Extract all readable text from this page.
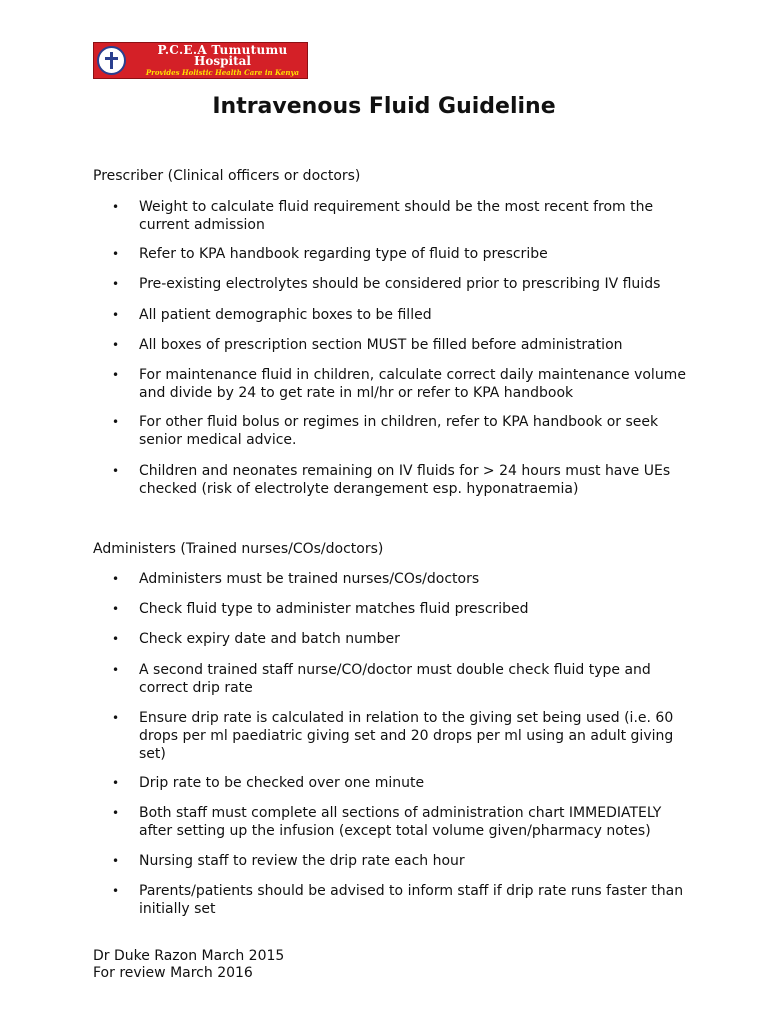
P.C.E.A Tumutumu
Hospital
Provides Holistic Health Care in Kenya
Intravenous Fluid Guideline
Prescriber (Clinical officers or doctors)
• Weight to calculate fluid requirement should be the most recent from the current admission
• Refer to KPA handbook regarding type of fluid to prescribe
• Pre-existing electrolytes should be considered prior to prescribing IV fluids
• All patient demographic boxes to be filled
• All boxes of prescription section MUST be filled before administration
• For maintenance fluid in children, calculate correct daily maintenance volume and divide by 24 to get rate in ml/hr or refer to KPA handbook
• For other fluid bolus or regimes in children, refer to KPA handbook or seek senior medical advice.
• Children and neonates remaining on IV fluids for > 24 hours must have UEs checked (risk of electrolyte derangement esp. hyponatraemia)
Administers (Trained nurses/COs/doctors)
• Administers must be trained nurses/COs/doctors
• Check fluid type to administer matches fluid prescribed
• Check expiry date and batch number
• A second trained staff nurse/CO/doctor must double check fluid type and correct drip rate
• Ensure drip rate is calculated in relation to the giving set being used (i.e. 60 drops per ml paediatric giving set and 20 drops per ml using an adult giving set)
• Drip rate to be checked over one minute
• Both staff must complete all sections of administration chart IMMEDIATELY after setting up the infusion (except total volume given/pharmacy notes)
• Nursing staff to review the drip rate each hour
• Parents/patients should be advised to inform staff if drip rate runs faster than initially set
Dr Duke Razon March 2015
For review March 2016
